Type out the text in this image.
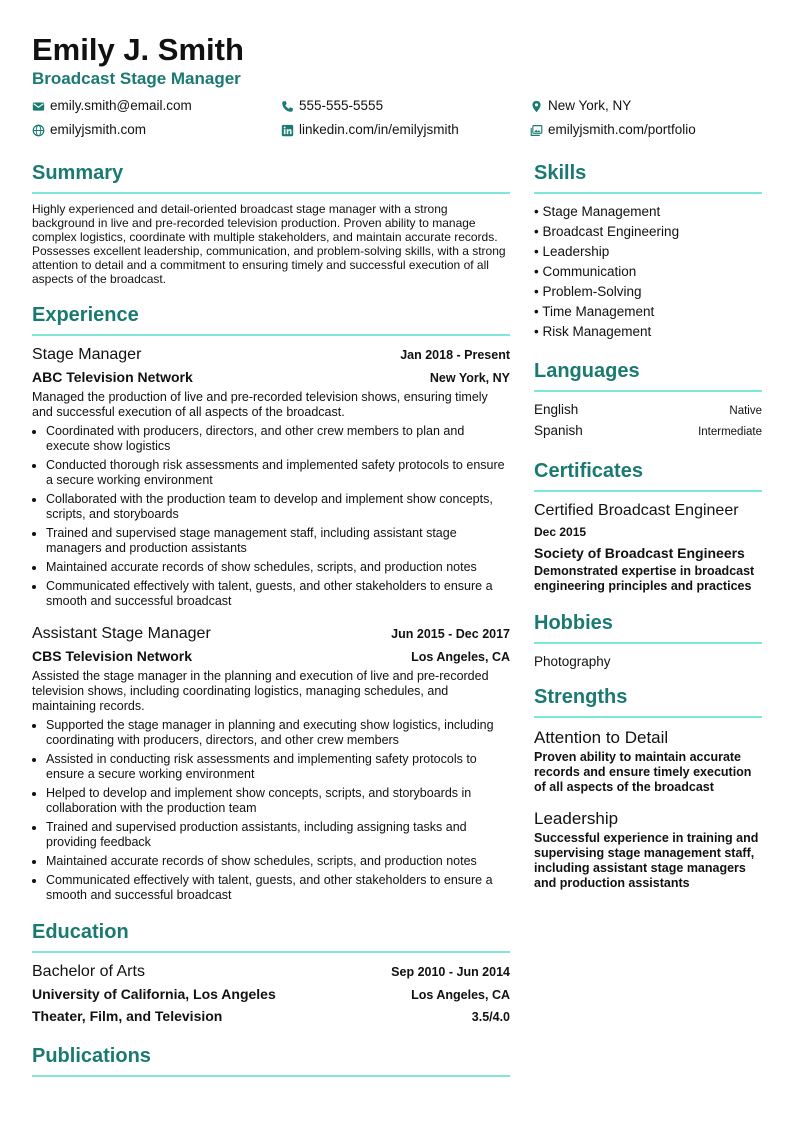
Emily J. Smith
Broadcast Stage Manager
emily.smith@email.com	555-555-5555	New York, NY
emilyjsmith.com	linkedin.com/in/emilyjsmith	emilyjsmith.com/portfolio
Summary

Highly experienced and detail-oriented broadcast stage manager with a strong background in live and pre-recorded television production. Proven ability to manage complex logistics, coordinate with multiple stakeholders, and maintain accurate records. Possesses excellent leadership, communication, and problem-solving skills, with a strong attention to detail and a commitment to ensuring timely and successful execution of all aspects of the broadcast.

Experience
Stage Manager	Jan 2018 - Present
ABC Television Network	New York, NY
Managed the production of live and pre-recorded television shows, ensuring timely and successful execution of all aspects of the broadcast.
• Coordinated with producers, directors, and other crew members to plan and execute show logistics
• Conducted thorough risk assessments and implemented safety protocols to ensure a secure working environment
• Collaborated with the production team to develop and implement show concepts, scripts, and storyboards
• Trained and supervised stage management staff, including assistant stage managers and production assistants
• Maintained accurate records of show schedules, scripts, and production notes
• Communicated effectively with talent, guests, and other stakeholders to ensure a smooth and successful broadcast
Assistant Stage Manager	Jun 2015 - Dec 2017
CBS Television Network	Los Angeles, CA
Assisted the stage manager in the planning and execution of live and pre-recorded television shows, including coordinating logistics, managing schedules, and maintaining records.
• Supported the stage manager in planning and executing show logistics, including coordinating with producers, directors, and other crew members
• Assisted in conducting risk assessments and implementing safety protocols to ensure a secure working environment
• Helped to develop and implement show concepts, scripts, and storyboards in collaboration with the production team
• Trained and supervised production assistants, including assigning tasks and providing feedback
• Maintained accurate records of show schedules, scripts, and production notes
• Communicated effectively with talent, guests, and other stakeholders to ensure a smooth and successful broadcast
Education
Bachelor of Arts	Sep 2010 - Jun 2014
University of California, Los Angeles	Los Angeles, CA
Theater, Film, and Television	3.5/4.0
Publications
Skills
• Stage Management
• Broadcast Engineering
• Leadership
• Communication
• Problem-Solving
• Time Management
• Risk Management
Languages
English	Native
Spanish	Intermediate
Certificates
Certified Broadcast Engineer
Dec 2015
Society of Broadcast Engineers
Demonstrated expertise in broadcast engineering principles and practices
Hobbies
Photography
Strengths
Attention to Detail
Proven ability to maintain accurate records and ensure timely execution of all aspects of the broadcast
Leadership
Successful experience in training and supervising stage management staff, including assistant stage managers and production assistants
